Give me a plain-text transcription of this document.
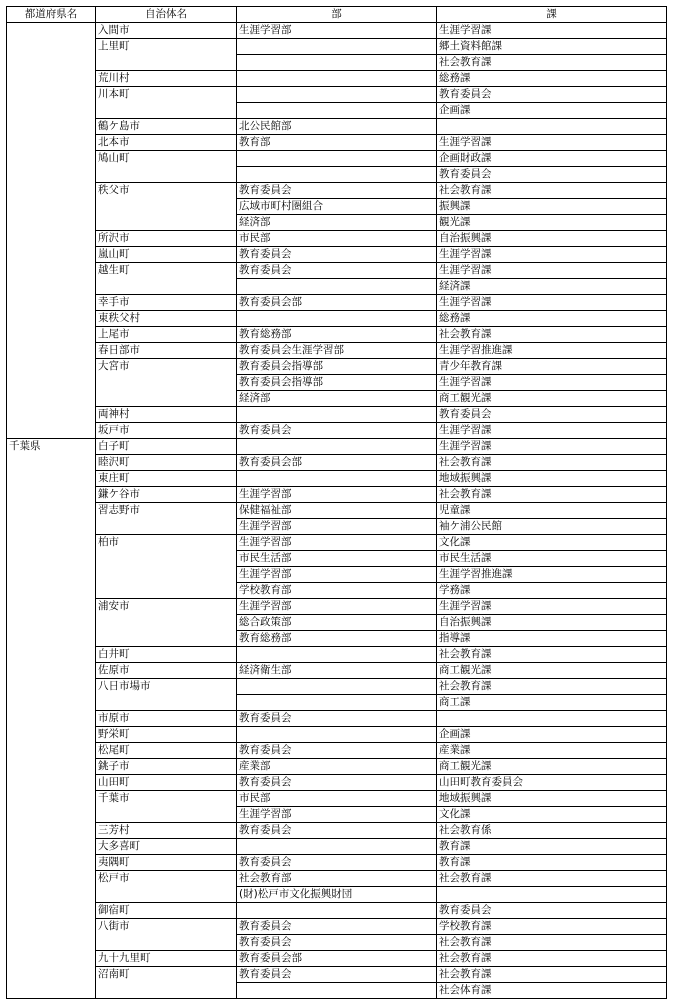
都道府県名	自治体名	部	課
	入間市	生涯学習部	生涯学習課
	上里町		郷土資料館課
			社会教育課
	荒川村		総務課
	川本町		教育委員会
			企画課
	鶴ケ島市	北公民館部	
	北本市	教育部	生涯学習課
	鳩山町		企画財政課
			教育委員会
	秩父市	教育委員会	社会教育課
		広域市町村圏組合	振興課
		経済部	観光課
	所沢市	市民部	自治振興課
	嵐山町	教育委員会	生涯学習課
	越生町	教育委員会	生涯学習課
			経済課
	幸手市	教育委員会部	生涯学習課
	東秩父村		総務課
	上尾市	教育総務部	社会教育課
	春日部市	教育委員会生涯学習部	生涯学習推進課
	大宮市	教育委員会指導部	青少年教育課
		教育委員会指導部	生涯学習課
		経済部	商工観光課
	両神村		教育委員会
	坂戸市	教育委員会	生涯学習課
千葉県	白子町		生涯学習課
	睦沢町	教育委員会部	社会教育課
	東庄町		地域振興課
	鎌ケ谷市	生涯学習部	社会教育課
	習志野市	保健福祉部	児童課
		生涯学習部	袖ケ浦公民館
	柏市	生涯学習部	文化課
		市民生活部	市民生活課
		生涯学習部	生涯学習推進課
		学校教育部	学務課
	浦安市	生涯学習部	生涯学習課
		総合政策部	自治振興課
		教育総務部	指導課
	白井町		社会教育課
	佐原市	経済衛生部	商工観光課
	八日市場市		社会教育課
			商工課
	市原市	教育委員会	
	野栄町		企画課
	松尾町	教育委員会	産業課
	銚子市	産業部	商工観光課
	山田町	教育委員会	山田町教育委員会
	千葉市	市民部	地域振興課
		生涯学習部	文化課
	三芳村	教育委員会	社会教育係
	大多喜町		教育課
	夷隅町	教育委員会	教育課
	松戸市	社会教育部	社会教育課
		(財)松戸市文化振興財団	
	御宿町		教育委員会
	八街市	教育委員会	学校教育課
		教育委員会	社会教育課
	九十九里町	教育委員会部	社会教育課
	沼南町	教育委員会	社会教育課
			社会体育課
